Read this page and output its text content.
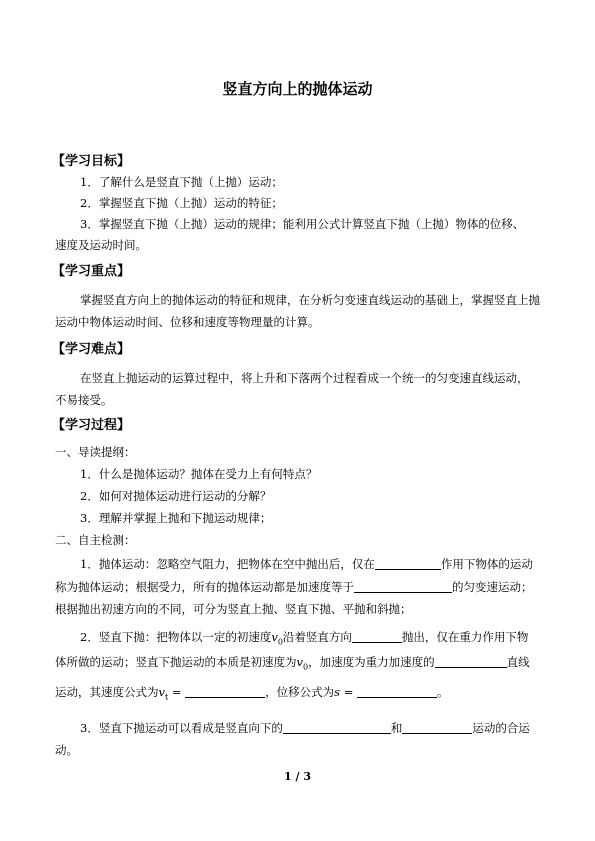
竖直方向上的抛体运动
【学习目标】
1．了解什么是竖直下抛（上抛）运动；
2．掌握竖直下抛（上抛）运动的特征；
3．掌握竖直下抛（上抛）运动的规律；能利用公式计算竖直下抛（上抛）物体的位移、
速度及运动时间。
【学习重点】
掌握竖直方向上的抛体运动的特征和规律，在分析匀变速直线运动的基础上，掌握竖直上抛
运动中物体运动时间、位移和速度等物理量的计算。
【学习难点】
在竖直上抛运动的运算过程中，将上升和下落两个过程看成一个统一的匀变速直线运动，
不易接受。
【学习过程】
一、导读提纲：
1．什么是抛体运动？抛体在受力上有何特点？
2．如何对抛体运动进行运动的分解？
3．理解并掌握上抛和下抛运动规律；
二、自主检测：
1．抛体运动：忽略空气阻力，把物体在空中抛出后，仅在	作用下物体的运动
称为抛体运动；根据受力，所有的抛体运动都是加速度等于	的匀变速运动；
根据抛出初速方向的不同，可分为竖直上抛、竖直下抛、平抛和斜抛；
2．竖直下抛：把物体以一定的初速度$v_0$沿着竖直方向	抛出，仅在重力作用下物
体所做的运动；竖直下抛运动的本质是初速度为$v_0$，加速度为重力加速度的	直线
运动，其速度公式为$v_t$ =	，位移公式为s =	。
3．竖直下抛运动可以看成是竖直向下的	和	运动的合运
动。
1 / 3
